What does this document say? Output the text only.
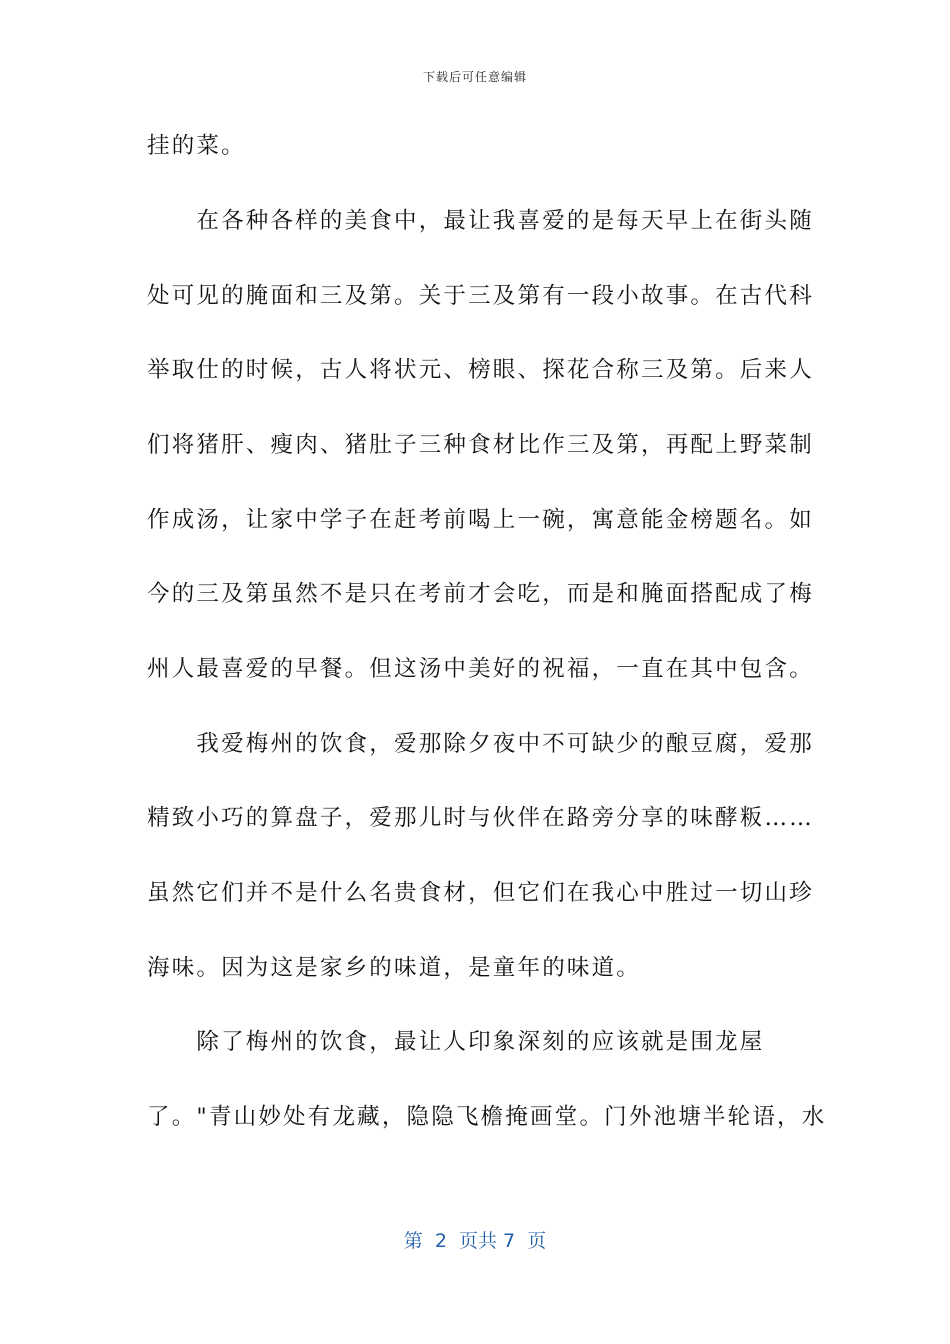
下载后可任意编辑
挂的菜。
　　在各种各样的美食中，最让我喜爱的是每天早上在街头随
处可见的腌面和三及第。关于三及第有一段小故事。在古代科
举取仕的时候，古人将状元、榜眼、探花合称三及第。后来人
们将猪肝、瘦肉、猪肚子三种食材比作三及第，再配上野菜制
作成汤，让家中学子在赶考前喝上一碗，寓意能金榜题名。如
今的三及第虽然不是只在考前才会吃，而是和腌面搭配成了梅
州人最喜爱的早餐。但这汤中美好的祝福，一直在其中包含。
　　我爱梅州的饮食，爱那除夕夜中不可缺少的酿豆腐，爱那
精致小巧的算盘子，爱那儿时与伙伴在路旁分享的味酵粄……
虽然它们并不是什么名贵食材，但它们在我心中胜过一切山珍
海味。因为这是家乡的味道，是童年的味道。
　　除了梅州的饮食，最让人印象深刻的应该就是围龙屋
了。"青山妙处有龙藏，隐隐飞檐掩画堂。门外池塘半轮语，水
第  2  页共 7  页
